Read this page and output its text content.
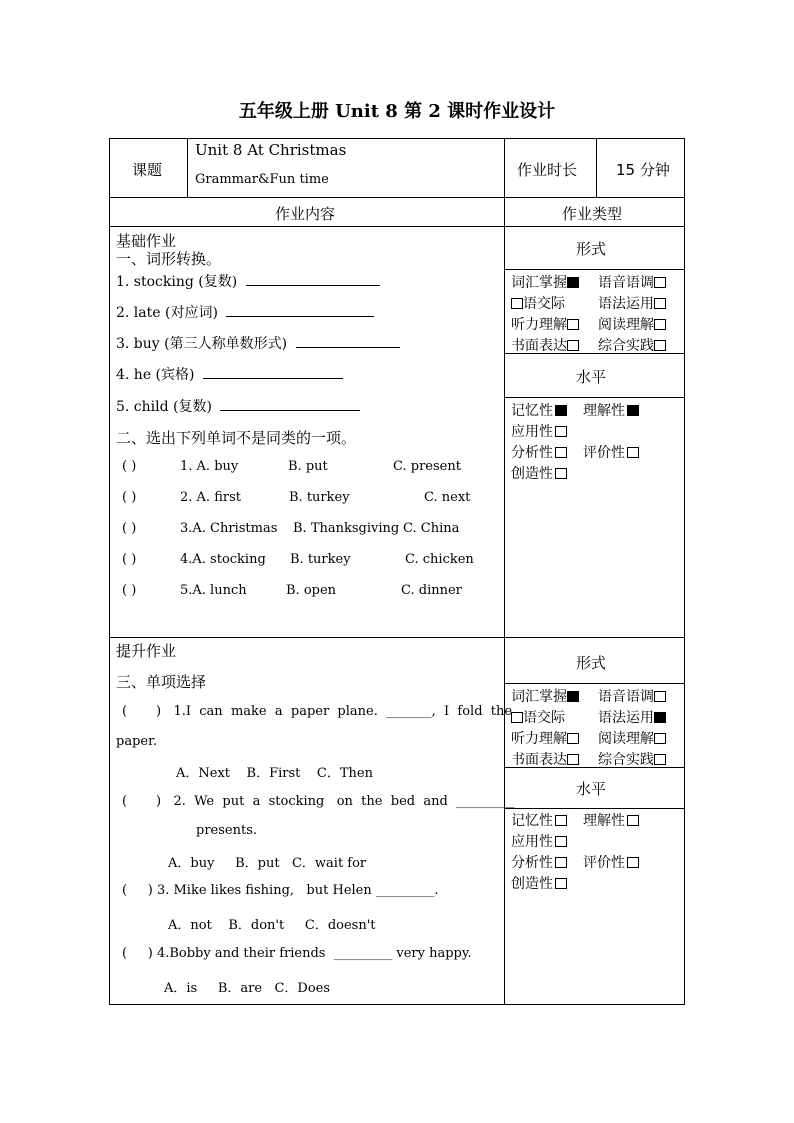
五年级上册 Unit 8 第 2 课时作业设计
课题
Unit 8 At Christmas
Grammar&Fun time
作业时长	15 分钟
作业内容	作业类型
基础作业
一、词形转换。
1. stocking (复数)
2. late (对应词)
3. buy (第三人称单数形式)
4. he (宾格)
5. child (复数)
二、选出下列单词不是同类的一项。
( )	1. A. buy	B. put	C. present
( )	2. A. first	B. turkey	C. next
( )	3.A. Christmas B. Thanksgiving C. China
( )	4.A. stocking B. turkey	C. chicken
( )	5.A. lunch	B. open	C. dinner
提升作业
三、单项选择
(       )   1.I  can  make  a  paper  plane.  _______,  I  fold  the
paper.
A．Next    B．First    C．Then
(       )   2.  We  put  a  stocking   on  the  bed  and  _________
presents.
A．buy     B．put   C．wait for
(     ) 3. Mike likes fishing,   but Helen _________.
A．not    B．don't     C．doesn't
(     ) 4.Bobby and their friends  _________ very happy.
A．is     B．are   C．Does
形式
词汇掌握	语音语调
语交际 语法运用
听力理解	阅读理解
书面表达	综合实践
水平
记忆性	理解性
应用性
分析性	评价性
创造性
形式
词汇掌握	语音语调
语交际 语法运用
听力理解	阅读理解
书面表达	综合实践
水平
记忆性	理解性
应用性
分析性	评价性
创造性
